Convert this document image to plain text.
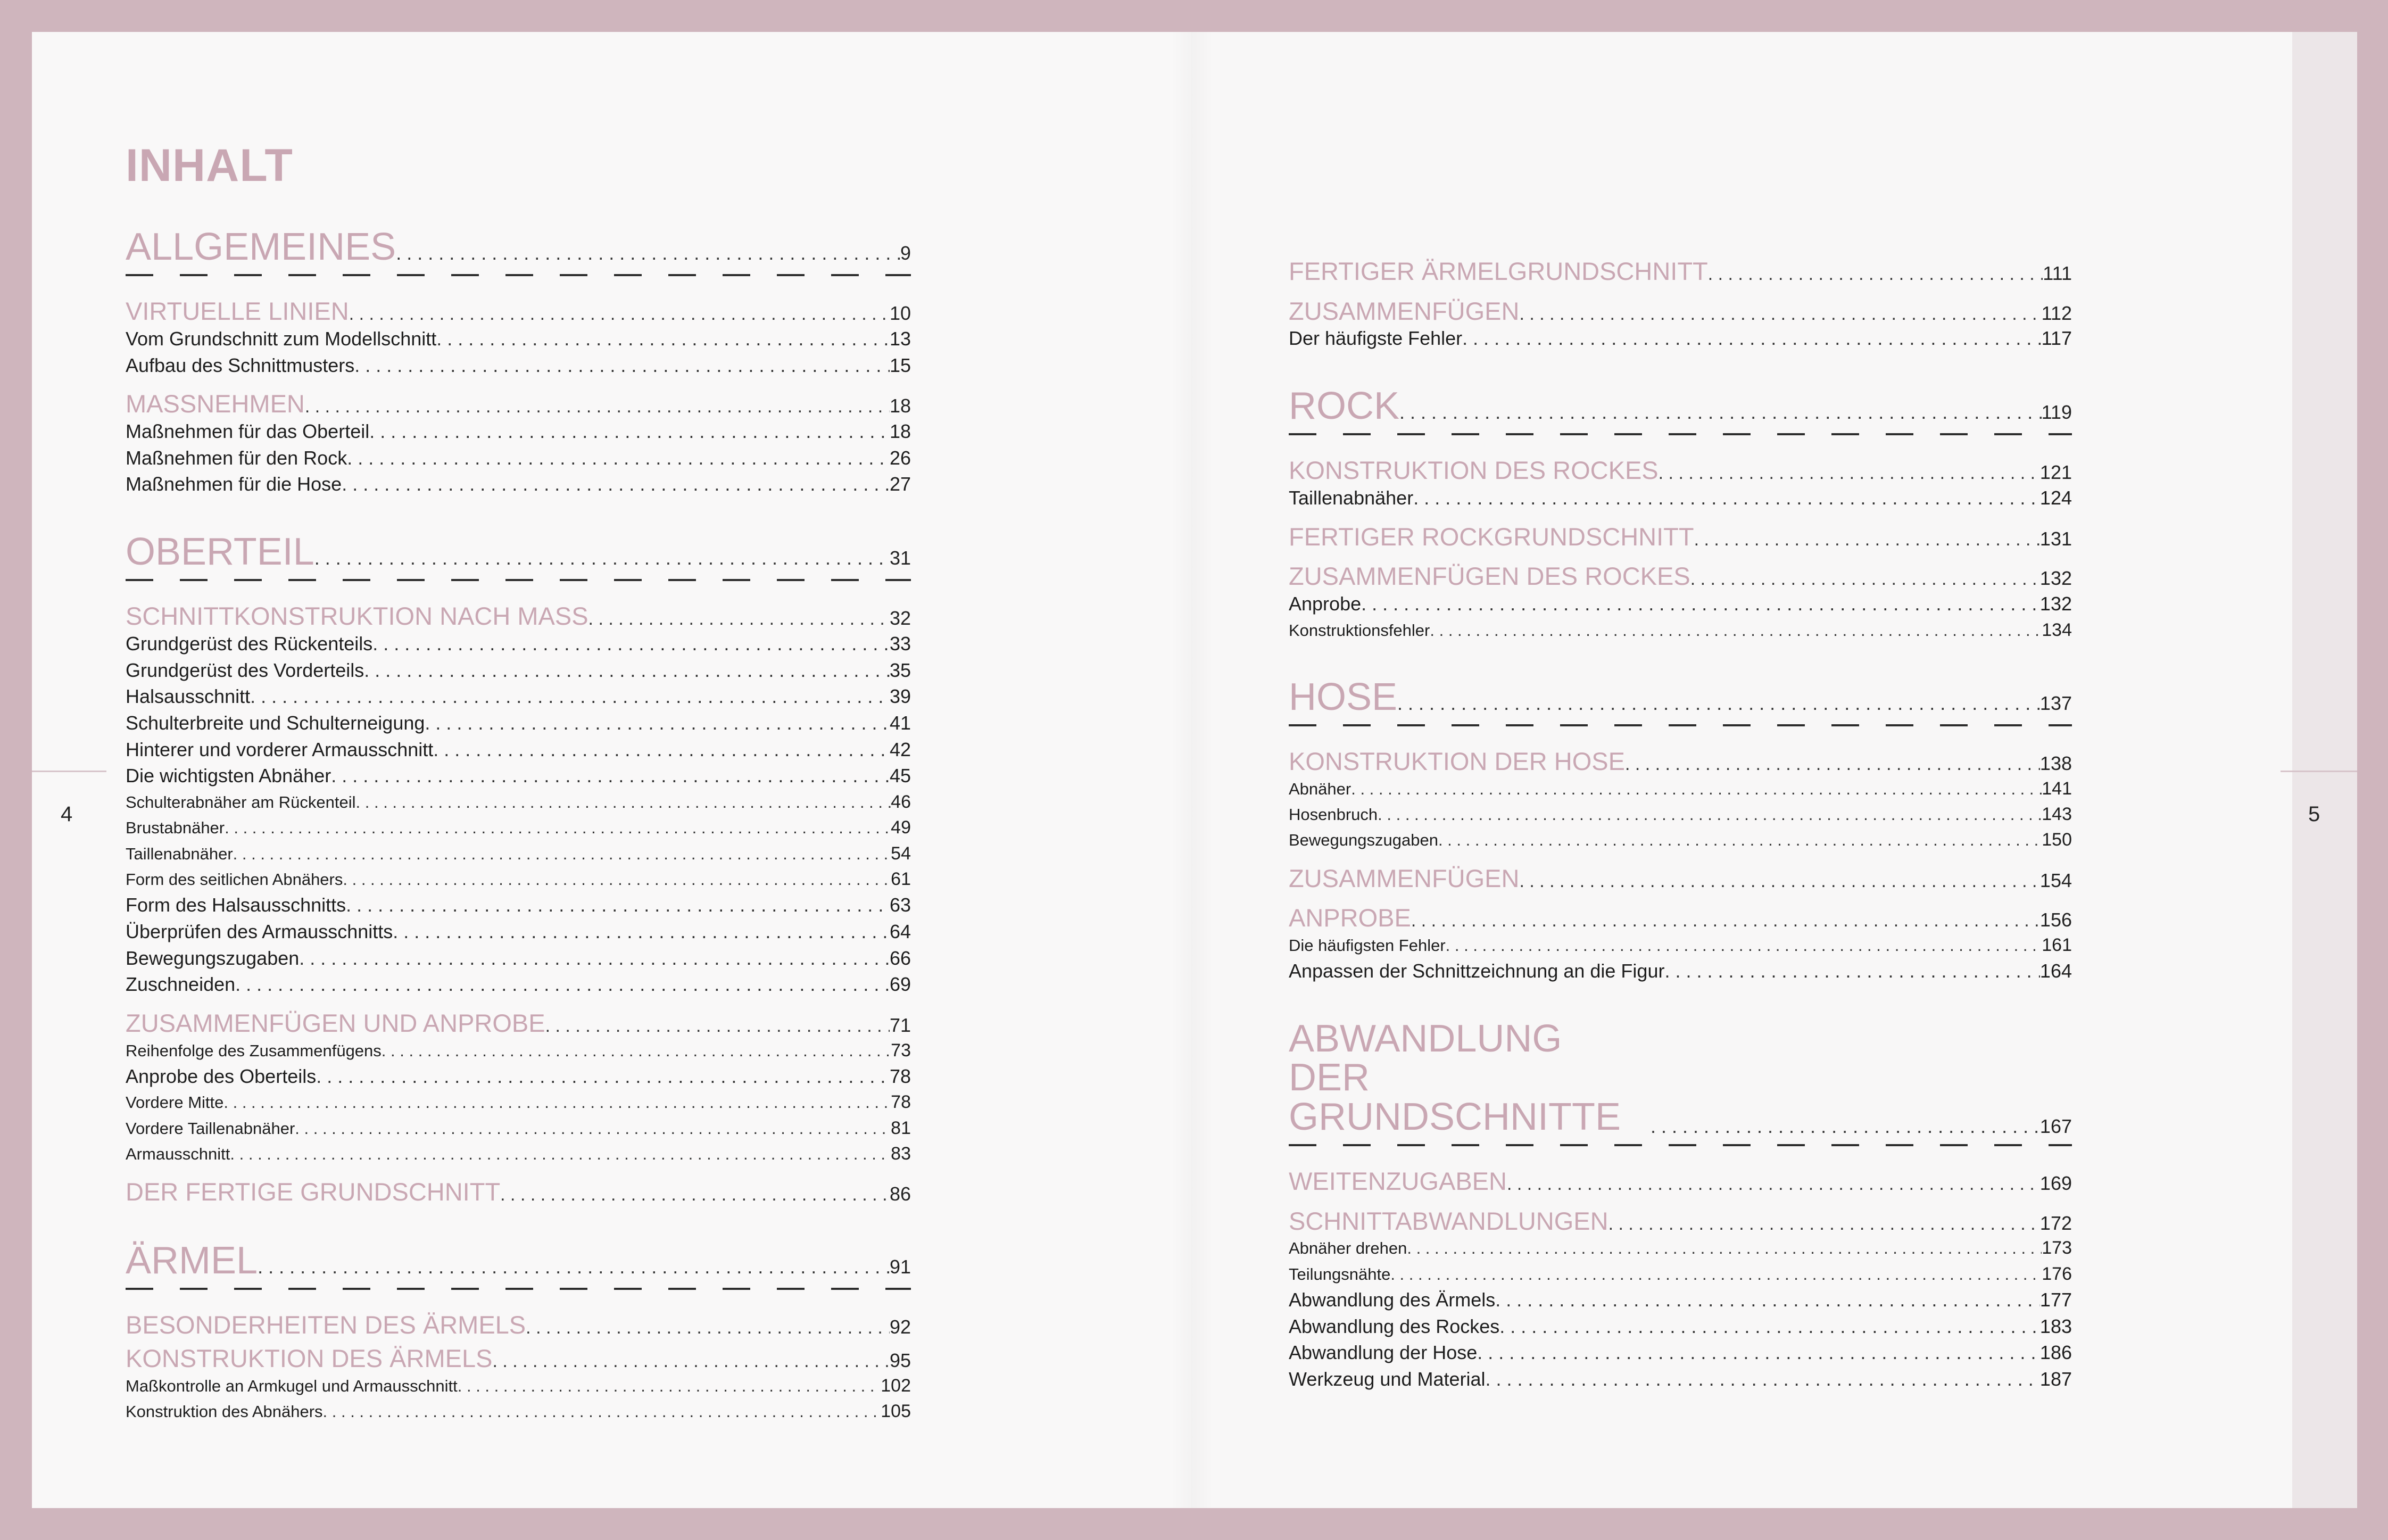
4	5
INHALT
ALLGEMEINES . . .	9
VIRTUELLE LINIEN . . .	10
Vom Grundschnitt zum Modellschnitt . . .	13
Aufbau des Schnittmusters . . .	15
MASSNEHMEN . . .	18
Maßnehmen für das Oberteil . . .	18
Maßnehmen für den Rock . . .	26
Maßnehmen für die Hose . . .	27
OBERTEIL . . .	31
SCHNITTKONSTRUKTION NACH MASS . . .	32
Grundgerüst des Rückenteils . . .	33
Grundgerüst des Vorderteils . . .	35
Halsausschnitt . . .	39
Schulterbreite und Schulterneigung . . .	41
Hinterer und vorderer Armausschnitt . . .	42
Die wichtigsten Abnäher . . .	45
Schulterabnäher am Rückenteil . . .	46
Brustabnäher . . .	49
Taillenabnäher . . .	54
Form des seitlichen Abnähers . . .	61
Form des Halsausschnitts . . .	63
Überprüfen des Armausschnitts . . .	64
Bewegungszugaben . . .	66
Zuschneiden . . .	69
ZUSAMMENFÜGEN UND ANPROBE . . .	71
Reihenfolge des Zusammenfügens . . .	73
Anprobe des Oberteils . . .	78
Vordere Mitte . . .	78
Vordere Taillenabnäher . . .	81
Armausschnitt . . .	83
DER FERTIGE GRUNDSCHNITT . . .	86
ÄRMEL . . .	91
BESONDERHEITEN DES ÄRMELS . . .	92
KONSTRUKTION DES ÄRMELS . . .	95
Maßkontrolle an Armkugel und Armausschnitt . . .	102
Konstruktion des Abnähers . . .	105
FERTIGER ÄRMELGRUNDSCHNITT . . .	111
ZUSAMMENFÜGEN . . .	112
Der häufigste Fehler . . .	117
ROCK . . .	119
KONSTRUKTION DES ROCKES . . .	121
Taillenabnäher . . .	124
FERTIGER ROCKGRUNDSCHNITT . . .	131
ZUSAMMENFÜGEN DES ROCKES . . .	132
Anprobe . . .	132
Konstruktionsfehler . . .	134
HOSE . . .	137
KONSTRUKTION DER HOSE . . .	138
Abnäher . . .	141
Hosenbruch . . .	143
Bewegungszugaben . . .	150
ZUSAMMENFÜGEN . . .	154
ANPROBE . . .	156
Die häufigsten Fehler . . .	161
Anpassen der Schnittzeichnung an die Figur . . .	164
ABWANDLUNG DER GRUNDSCHNITTE . . .	167
WEITENZUGABEN . . .	169
SCHNITTABWANDLUNGEN . . .	172
Abnäher drehen . . .	173
Teilungsnähte . . .	176
Abwandlung des Ärmels . . .	177
Abwandlung des Rockes . . .	183
Abwandlung der Hose . . .	186
Werkzeug und Material . . .	187
